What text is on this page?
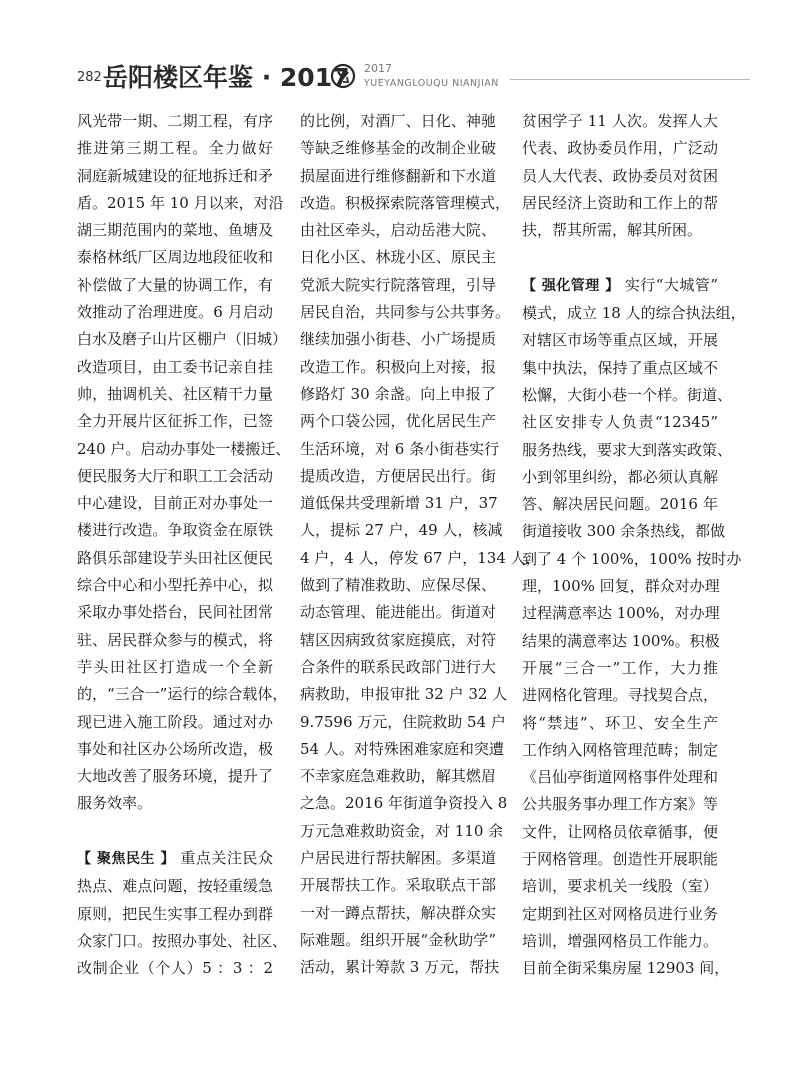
282 岳阳楼区年鉴 · 2017 2017
YUEYANGLOUQU NIANJIAN

风光带一期、二期工程，有序
推进第三期工程。全力做好
洞庭新城建设的征地拆迁和矛
盾。2015 年 10 月以来，对沿
湖三期范围内的菜地、鱼塘及
泰格林纸厂区周边地段征收和
补偿做了大量的协调工作，有
效推动了治理进度。6 月启动
白水及磨子山片区棚户（旧城）
改造项目，由工委书记亲自挂
帅，抽调机关、社区精干力量
全力开展片区征拆工作，已签
240 户。启动办事处一楼搬迁、
便民服务大厅和职工工会活动
中心建设，目前正对办事处一
楼进行改造。争取资金在原铁
路俱乐部建设芋头田社区便民
综合中心和小型托养中心，拟
采取办事处搭台，民间社团常
驻、居民群众参与的模式，将
芋头田社区打造成一个全新
的，“三合一”运行的综合载体，
现已进入施工阶段。通过对办
事处和社区办公场所改造，极
大地改善了服务环境，提升了
服务效率。

【 聚焦民生 】 重点关注民众
热点、难点问题，按轻重缓急
原则，把民生实事工程办到群
众家门口。按照办事处、社区、
改制企业（个人）5 ：3 ：2

的比例，对酒厂、日化、神驰
等缺乏维修基金的改制企业破
损屋面进行维修翻新和下水道
改造。积极探索院落管理模式，
由社区牵头，启动岳港大院、
日化小区、林珑小区、原民主
党派大院实行院落管理，引导
居民自治，共同参与公共事务。
继续加强小街巷、小广场提质
改造工作。积极向上对接，报
修路灯 30 余盏。向上申报了
两个口袋公园，优化居民生产
生活环境，对 6 条小街巷实行
提质改造，方便居民出行。街
道低保共受理新增 31 户，37
人，提标 27 户，49 人，核减
4 户，4 人，停发 67 户，134 人，
做到了精准救助、应保尽保、
动态管理、能进能出。街道对
辖区因病致贫家庭摸底，对符
合条件的联系民政部门进行大
病救助，申报审批 32 户 32 人
9.7596 万元，住院救助 54 户
54 人。对特殊困难家庭和突遭
不幸家庭急难救助，解其燃眉
之急。2016 年街道争资投入 8
万元急难救助资金，对 110 余
户居民进行帮扶解困。多渠道
开展帮扶工作。采取联点干部
一对一蹲点帮扶，解决群众实
际难题。组织开展“金秋助学”
活动，累计筹款 3 万元，帮扶

贫困学子 11 人次。发挥人大
代表、政协委员作用，广泛动
员人大代表、政协委员对贫困
居民经济上资助和工作上的帮
扶，帮其所需，解其所困。

【 强化管理 】 实行“大城管”
模式，成立 18 人的综合执法组，
对辖区市场等重点区域，开展
集中执法，保持了重点区域不
松懈，大街小巷一个样。街道、
社区安排专人负责“12345”
服务热线，要求大到落实政策、
小到邻里纠纷，都必须认真解
答、解决居民问题。2016 年
街道接收 300 余条热线，都做
到了 4 个 100%，100% 按时办
理，100% 回复，群众对办理
过程满意率达 100%，对办理
结果的满意率达 100%。积极
开展“三合一”工作，大力推
进网格化管理。寻找契合点，
将“禁违”、环卫、安全生产
工作纳入网格管理范畴；制定
《吕仙亭街道网格事件处理和
公共服务事办理工作方案》等
文件，让网格员依章循事，便
于网格管理。创造性开展职能
培训，要求机关一线股（室）
定期到社区对网格员进行业务
培训，增强网格员工作能力。
目前全街采集房屋 12903 间，
